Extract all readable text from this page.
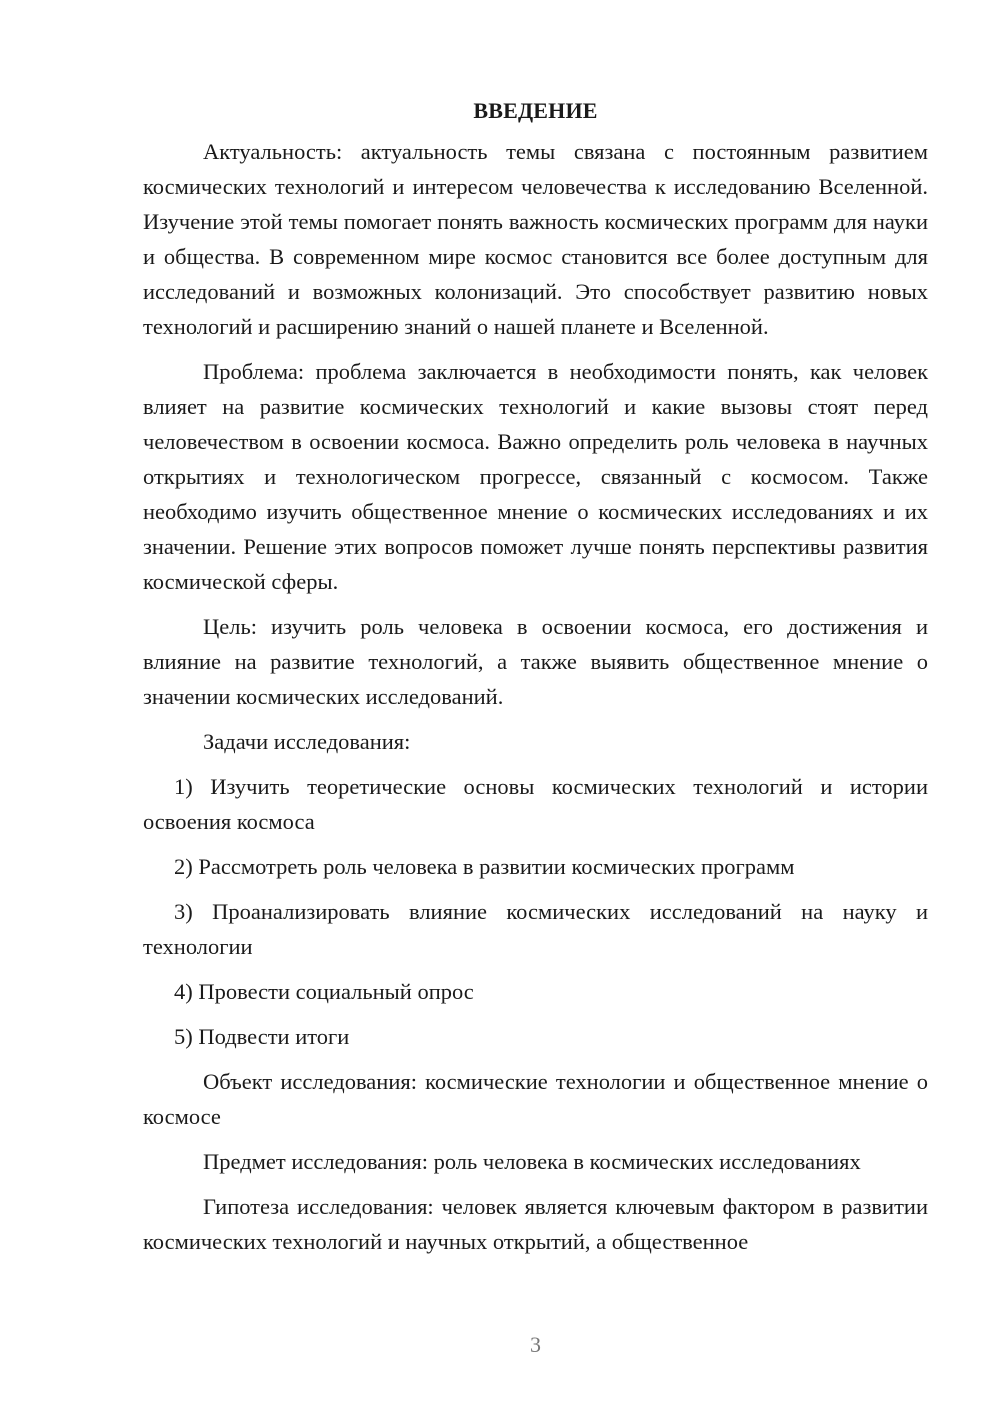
ВВЕДЕНИЕ

Актуальность: актуальность темы связана с постоянным развитием космических технологий и интересом человечества к исследованию Вселенной. Изучение этой темы помогает понять важность космических программ для науки и общества. В современном мире космос становится все более доступным для исследований и возможных колонизаций. Это способствует развитию новых технологий и расширению знаний о нашей планете и Вселенной.

Проблема: проблема заключается в необходимости понять, как человек влияет на развитие космических технологий и какие вызовы стоят перед человечеством в освоении космоса. Важно определить роль человека в научных открытиях и технологическом прогрессе, связанный с космосом. Также необходимо изучить общественное мнение о космических исследованиях и их значении. Решение этих вопросов поможет лучше понять перспективы развития космической сферы.

Цель: изучить роль человека в освоении космоса, его достижения и влияние на развитие технологий, а также выявить общественное мнение о значении космических исследований.

Задачи исследования:

1) Изучить теоретические основы космических технологий и истории освоения космоса

2) Рассмотреть роль человека в развитии космических программ

3) Проанализировать влияние космических исследований на науку и технологии

4) Провести социальный опрос

5) Подвести итоги

Объект исследования: космические технологии и общественное мнение о космосе

Предмет исследования: роль человека в космических исследованиях

Гипотеза исследования: человек является ключевым фактором в развитии космических технологий и научных открытий, а общественное

3
